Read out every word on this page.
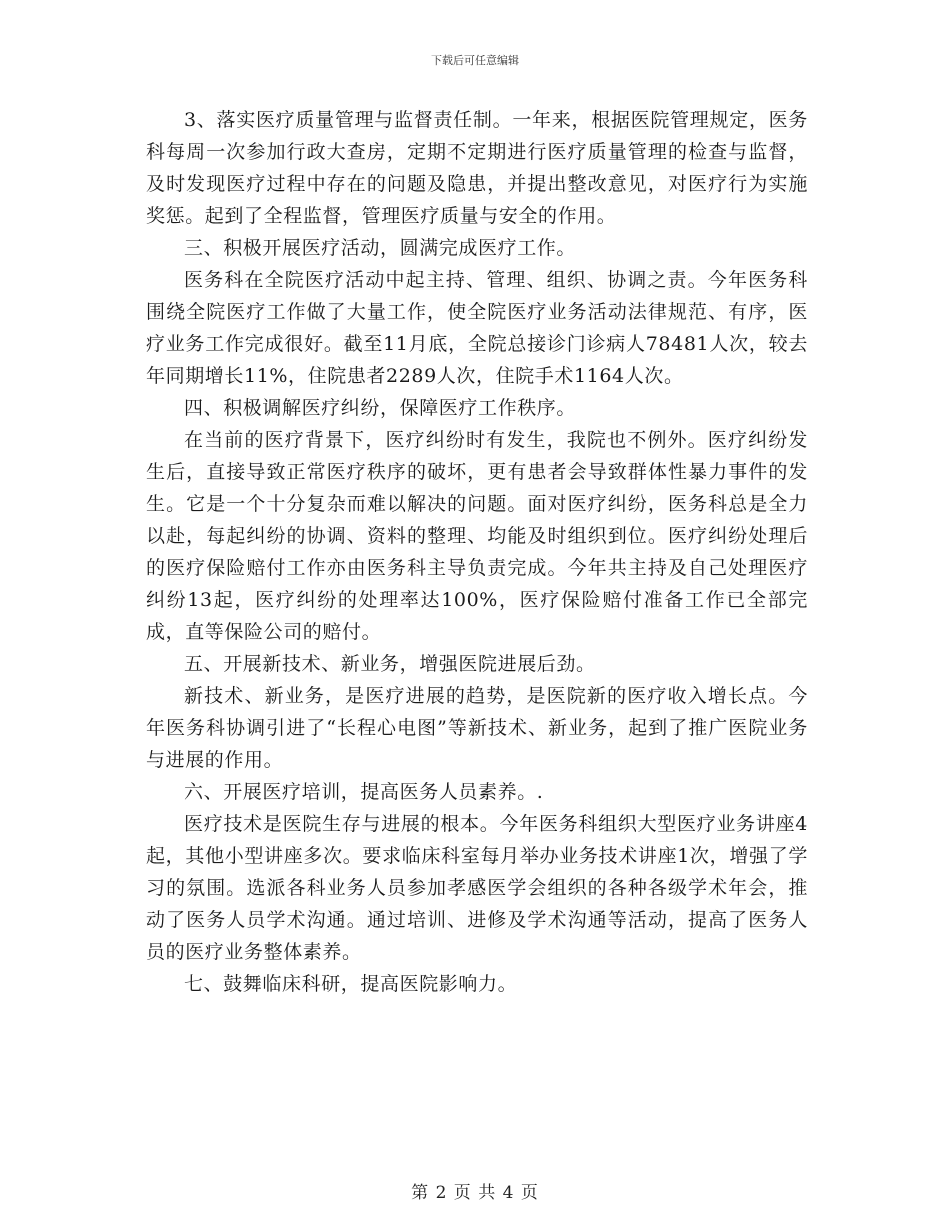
下载后可任意编辑

3、落实医疗质量管理与监督责任制。一年来，根据医院管理规定，医务科每周一次参加行政大查房，定期不定期进行医疗质量管理的检查与监督，及时发现医疗过程中存在的问题及隐患，并提出整改意见，对医疗行为实施奖惩。起到了全程监督，管理医疗质量与安全的作用。

三、积极开展医疗活动，圆满完成医疗工作。

医务科在全院医疗活动中起主持、管理、组织、协调之责。今年医务科围绕全院医疗工作做了大量工作，使全院医疗业务活动法律规范、有序，医疗业务工作完成很好。截至11月底，全院总接诊门诊病人78481人次，较去年同期增长11%，住院患者2289人次，住院手术1164人次。

四、积极调解医疗纠纷，保障医疗工作秩序。

在当前的医疗背景下，医疗纠纷时有发生，我院也不例外。医疗纠纷发生后，直接导致正常医疗秩序的破坏，更有患者会导致群体性暴力事件的发生。它是一个十分复杂而难以解决的问题。面对医疗纠纷，医务科总是全力以赴，每起纠纷的协调、资料的整理、均能及时组织到位。医疗纠纷处理后的医疗保险赔付工作亦由医务科主导负责完成。今年共主持及自己处理医疗纠纷13起，医疗纠纷的处理率达100%，医疗保险赔付准备工作已全部完成，直等保险公司的赔付。

五、开展新技术、新业务，增强医院进展后劲。

新技术、新业务，是医疗进展的趋势，是医院新的医疗收入增长点。今年医务科协调引进了“长程心电图”等新技术、新业务，起到了推广医院业务与进展的作用。

六、开展医疗培训，提高医务人员素养。.

医疗技术是医院生存与进展的根本。今年医务科组织大型医疗业务讲座4起，其他小型讲座多次。要求临床科室每月举办业务技术讲座1次，增强了学习的氛围。选派各科业务人员参加孝感医学会组织的各种各级学术年会，推动了医务人员学术沟通。通过培训、进修及学术沟通等活动，提高了医务人员的医疗业务整体素养。

七、鼓舞临床科研，提高医院影响力。

第 2 页 共 4 页
